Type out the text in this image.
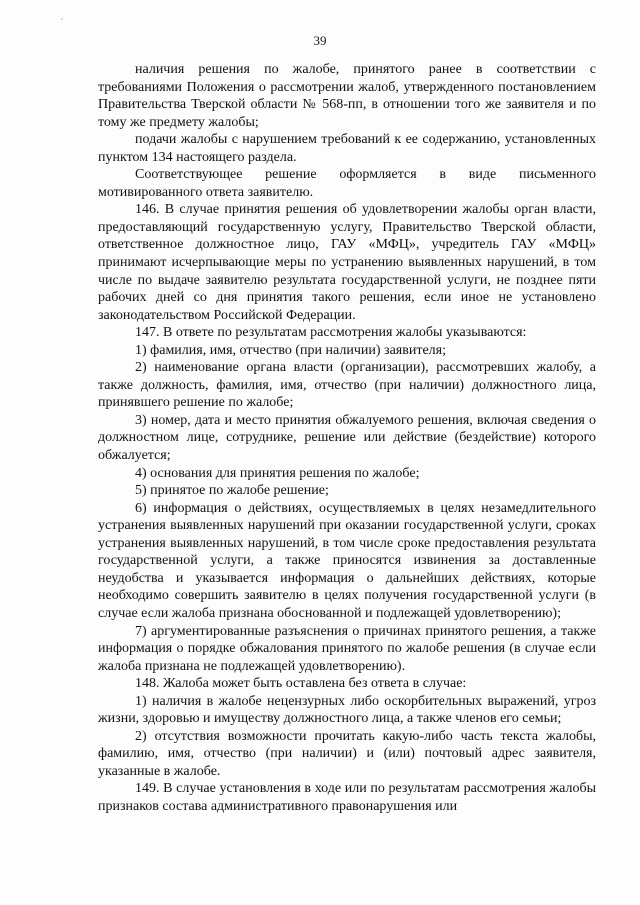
39

наличия решения по жалобе, принятого ранее в соответствии с требованиями Положения о рассмотрении жалоб, утвержденного постановлением Правительства Тверской области № 568-пп, в отношении того же заявителя и по тому же предмету жалобы;

подачи жалобы с нарушением требований к ее содержанию, установленных пунктом 134 настоящего раздела.

Соответствующее решение оформляется в виде письменного мотивированного ответа заявителю.

146. В случае принятия решения об удовлетворении жалобы орган власти, предоставляющий государственную услугу, Правительство Тверской области, ответственное должностное лицо, ГАУ «МФЦ», учредитель ГАУ «МФЦ» принимают исчерпывающие меры по устранению выявленных нарушений, в том числе по выдаче заявителю результата государственной услуги, не позднее пяти рабочих дней со дня принятия такого решения, если иное не установлено законодательством Российской Федерации.

147. В ответе по результатам рассмотрения жалобы указываются:

1) фамилия, имя, отчество (при наличии) заявителя;

2) наименование органа власти (организации), рассмотревших жалобу, а также должность, фамилия, имя, отчество (при наличии) должностного лица, принявшего решение по жалобе;

3) номер, дата и место принятия обжалуемого решения, включая сведения о должностном лице, сотруднике, решение или действие (бездействие) которого обжалуется;

4) основания для принятия решения по жалобе;

5) принятое по жалобе решение;

6) информация о действиях, осуществляемых в целях незамедлительного устранения выявленных нарушений при оказании государственной услуги, сроках устранения выявленных нарушений, в том числе сроке предоставления результата государственной услуги, а также приносятся извинения за доставленные неудобства и указывается информация о дальнейших действиях, которые необходимо совершить заявителю в целях получения государственной услуги (в случае если жалоба признана обоснованной и подлежащей удовлетворению);

7) аргументированные разъяснения о причинах принятого решения, а также информация о порядке обжалования принятого по жалобе решения (в случае если жалоба признана не подлежащей удовлетворению).

148. Жалоба может быть оставлена без ответа в случае:

1) наличия в жалобе нецензурных либо оскорбительных выражений, угроз жизни, здоровью и имуществу должностного лица, а также членов его семьи;

2) отсутствия возможности прочитать какую-либо часть текста жалобы, фамилию, имя, отчество (при наличии) и (или) почтовый адрес заявителя, указанные в жалобе.

149. В случае установления в ходе или по результатам рассмотрения жалобы признаков состава административного правонарушения или
